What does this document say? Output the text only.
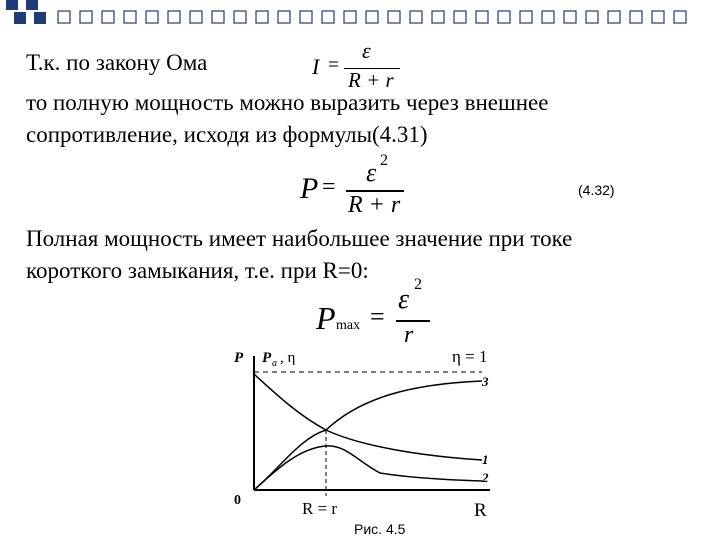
Т.к. по закону Ома
то полную мощность можно выразить через внешнее
сопротивление, исходя из формулы(4.31)
Полная мощность имеет наибольшее значение при токе
короткого замыкания, т.е. при R=0:
I =
ε
R + r
P = ε 2
R + r
(4.32)
P max =
ε 2
r
P P a , η	η = 1
3
1
2
0	R = r	R
Рис. 4.5
